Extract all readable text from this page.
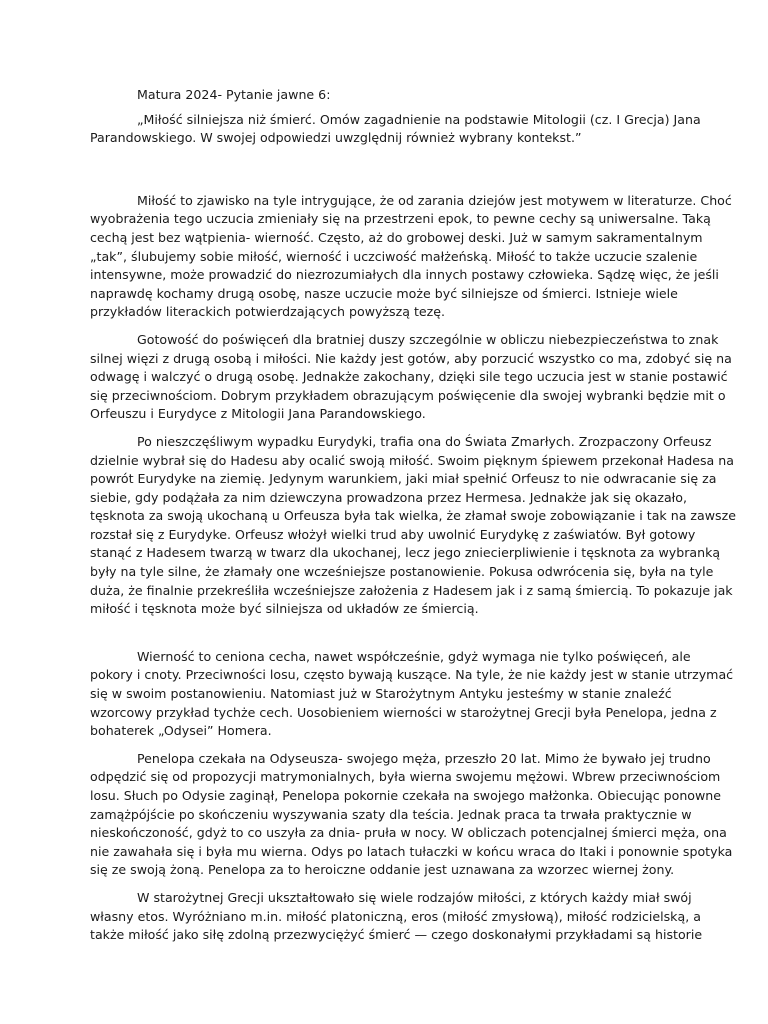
Matura 2024- Pytanie jawne 6:
„Miłość silniejsza niż śmierć. Omów zagadnienie na podstawie Mitologii (cz. I Grecja) Jana
Parandowskiego. W swojej odpowiedzi uwzględnij również wybrany kontekst.”
Miłość to zjawisko na tyle intrygujące, że od zarania dziejów jest motywem w literaturze. Choć
wyobrażenia tego uczucia zmieniały się na przestrzeni epok, to pewne cechy są uniwersalne. Taką
cechą jest bez wątpienia- wierność. Często, aż do grobowej deski. Już w samym sakramentalnym
„tak”, ślubujemy sobie miłość, wierność i uczciwość małżeńską. Miłość to także uczucie szalenie
intensywne, może prowadzić do niezrozumiałych dla innych postawy człowieka. Sądzę więc, że jeśli
naprawdę kochamy drugą osobę, nasze uczucie może być silniejsze od śmierci. Istnieje wiele
przykładów literackich potwierdzających powyższą tezę.
Gotowość do poświęceń dla bratniej duszy szczególnie w obliczu niebezpieczeństwa to znak
silnej więzi z drugą osobą i miłości. Nie każdy jest gotów, aby porzucić wszystko co ma, zdobyć się na
odwagę i walczyć o drugą osobę. Jednakże zakochany, dzięki sile tego uczucia jest w stanie postawić
się przeciwnościom. Dobrym przykładem obrazującym poświęcenie dla swojej wybranki będzie mit o
Orfeuszu i Eurydyce z Mitologii Jana Parandowskiego.
Po nieszczęśliwym wypadku Eurydyki, trafia ona do Świata Zmarłych. Zrozpaczony Orfeusz
dzielnie wybrał się do Hadesu aby ocalić swoją miłość. Swoim pięknym śpiewem przekonał Hadesa na
powrót Eurydyke na ziemię. Jedynym warunkiem, jaki miał spełnić Orfeusz to nie odwracanie się za
siebie, gdy podążała za nim dziewczyna prowadzona przez Hermesa. Jednakże jak się okazało,
tęsknota za swoją ukochaną u Orfeusza była tak wielka, że złamał swoje zobowiązanie i tak na zawsze
rozstał się z Eurydyke. Orfeusz włożył wielki trud aby uwolnić Eurydykę z zaświatów. Był gotowy
stanąć z Hadesem twarzą w twarz dla ukochanej, lecz jego zniecierpliwienie i tęsknota za wybranką
były na tyle silne, że złamały one wcześniejsze postanowienie. Pokusa odwrócenia się, była na tyle
duża, że finalnie przekreśliła wcześniejsze założenia z Hadesem jak i z samą śmiercią. To pokazuje jak
miłość i tęsknota może być silniejsza od układów ze śmiercią.
Wierność to ceniona cecha, nawet współcześnie, gdyż wymaga nie tylko poświęceń, ale
pokory i cnoty. Przeciwności losu, często bywają kuszące. Na tyle, że nie każdy jest w stanie utrzymać
się w swoim postanowieniu. Natomiast już w Starożytnym Antyku jesteśmy w stanie znaleźć
wzorcowy przykład tychże cech. Uosobieniem wierności w starożytnej Grecji była Penelopa, jedna z
bohaterek „Odysei” Homera.
Penelopa czekała na Odyseusza- swojego męża, przeszło 20 lat. Mimo że bywało jej trudno
odpędzić się od propozycji matrymonialnych, była wierna swojemu mężowi. Wbrew przeciwnościom
losu. Słuch po Odysie zaginął, Penelopa pokornie czekała na swojego małżonka. Obiecując ponowne
zamążpójście po skończeniu wyszywania szaty dla teścia. Jednak praca ta trwała praktycznie w
nieskończoność, gdyż to co uszyła za dnia- pruła w nocy. W obliczach potencjalnej śmierci męża, ona
nie zawahała się i była mu wierna. Odys po latach tułaczki w końcu wraca do Itaki i ponownie spotyka
się ze swoją żoną. Penelopa za to heroiczne oddanie jest uznawana za wzorzec wiernej żony.
W starożytnej Grecji ukształtowało się wiele rodzajów miłości, z których każdy miał swój
własny etos. Wyróżniano m.in. miłość platoniczną, eros (miłość zmysłową), miłość rodzicielską, a
także miłość jako siłę zdolną przezwyciężyć śmierć — czego doskonałymi przykładami są historie
